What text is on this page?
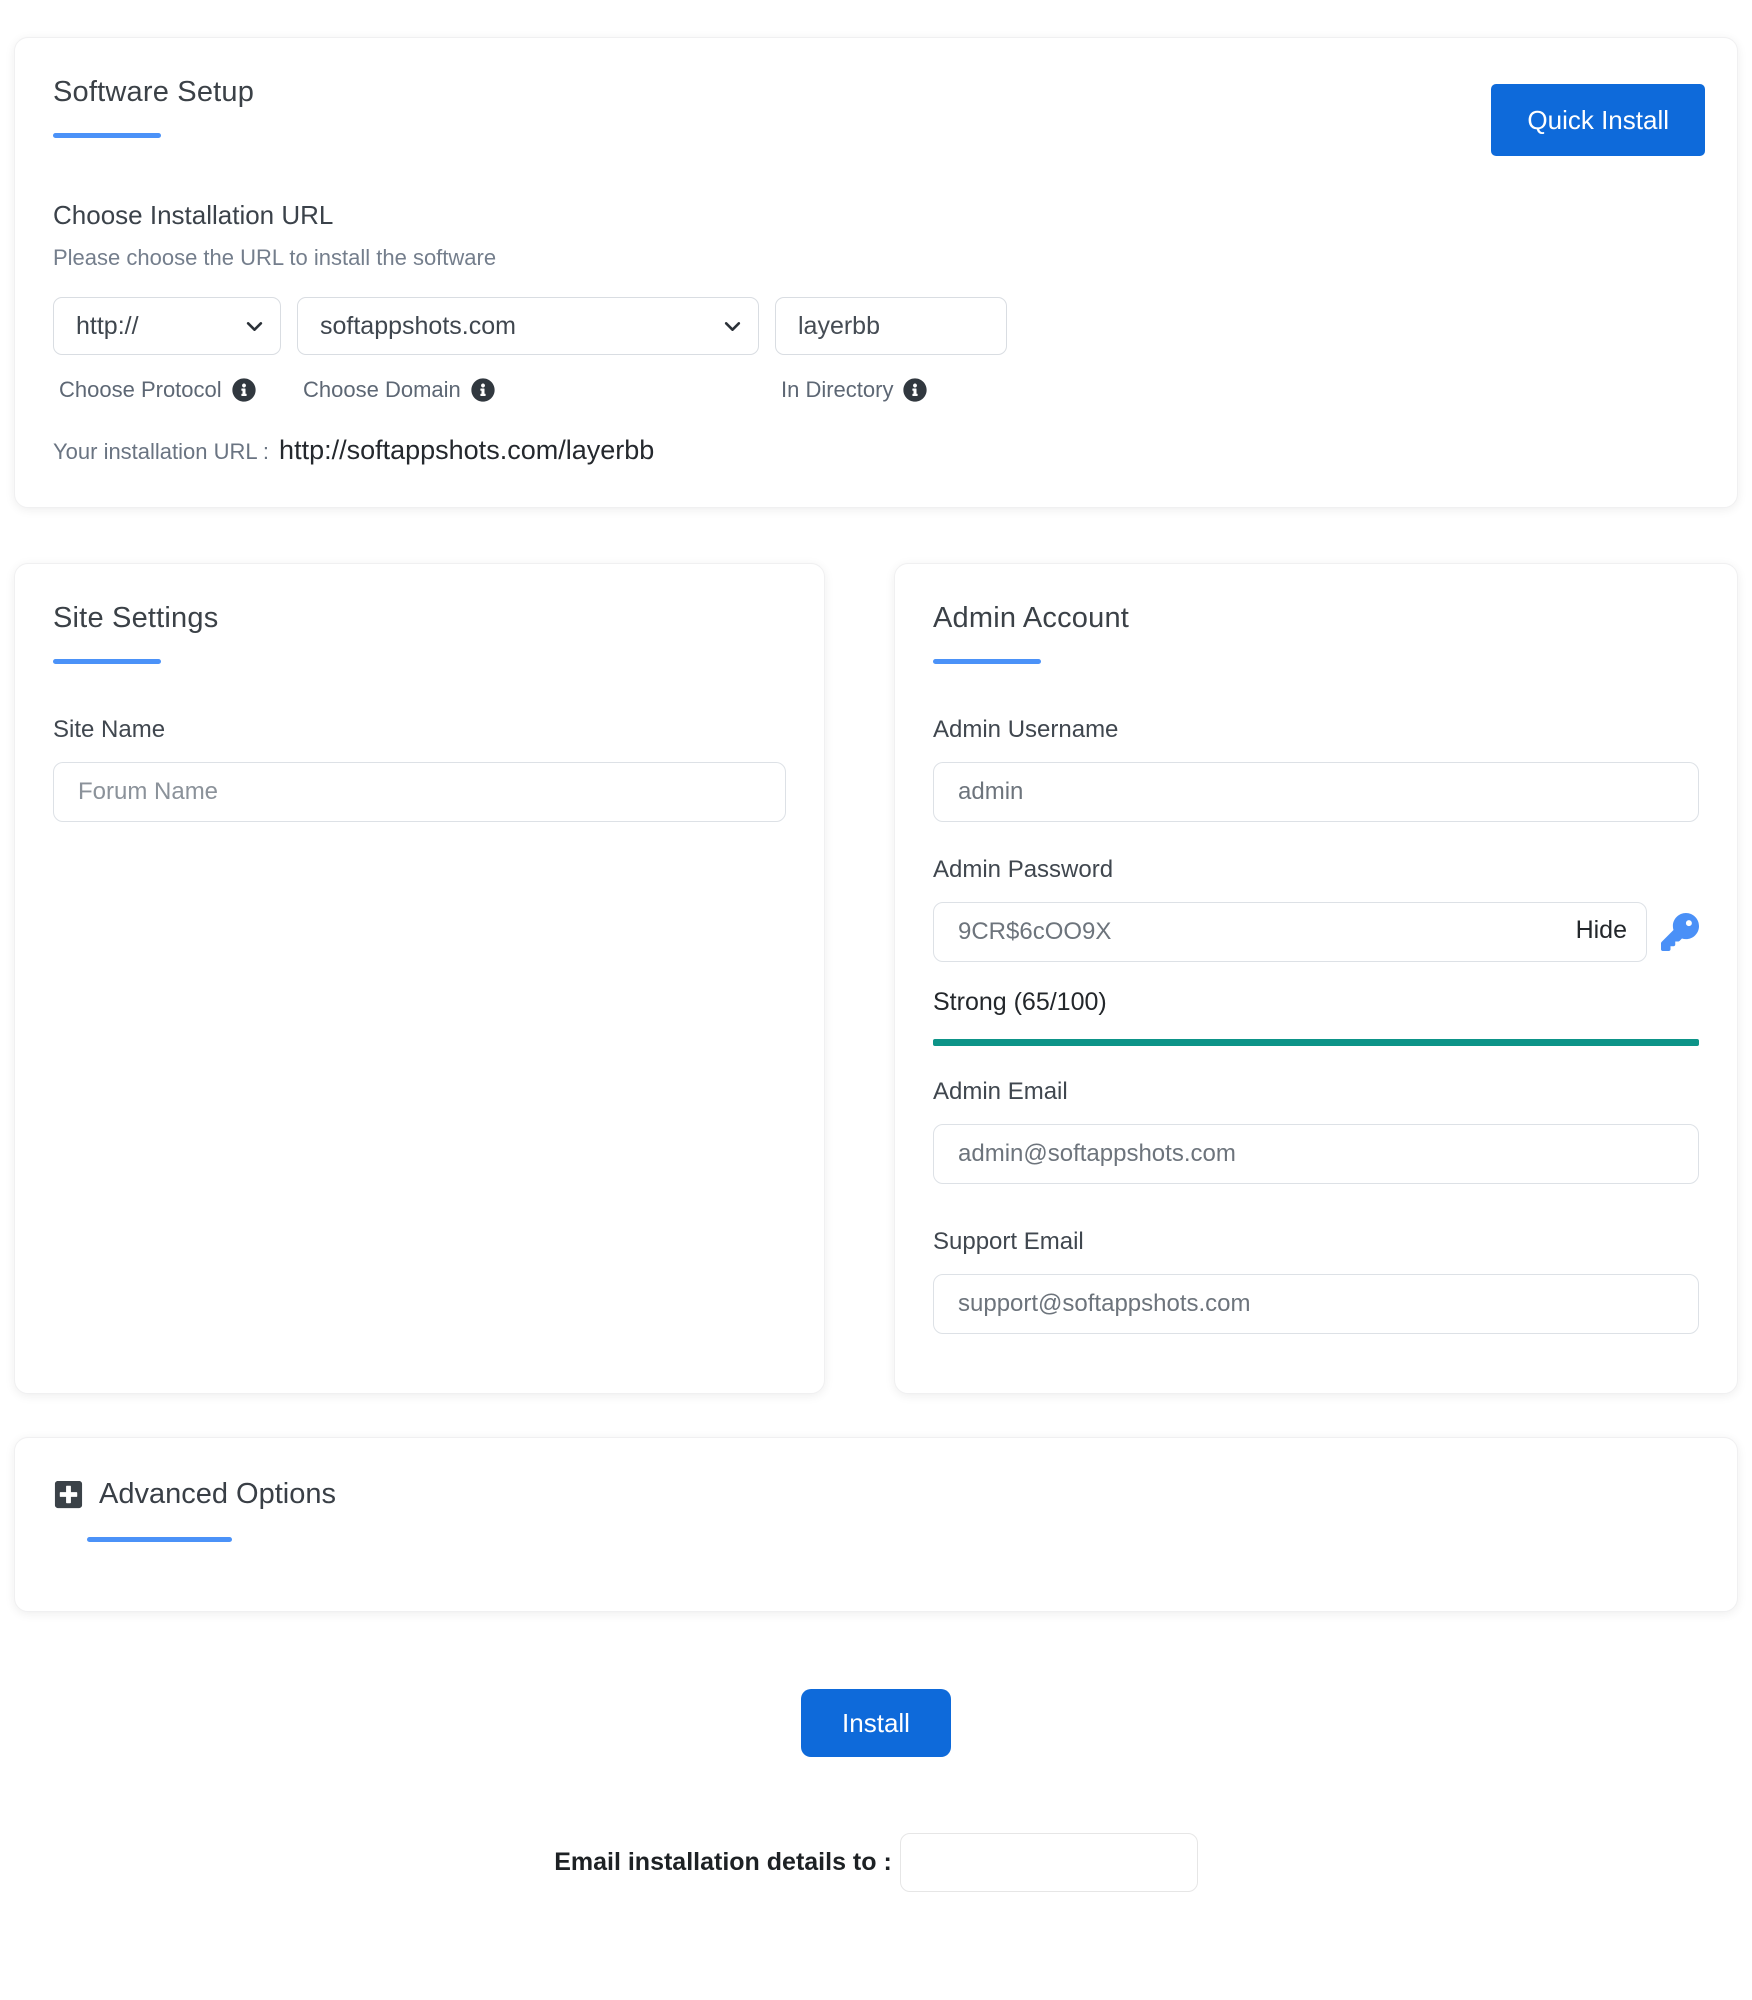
Software Setup
Quick Install
Choose Installation URL
Please choose the URL to install the software
http://
Choose Protocol
softappshots.com	Choose Domain
layerbb	In Directory
Your installation URL : http://softappshots.com/layerbb
Site Settings
Site Name
Forum Name
Admin Account
Admin Username
admin
Admin Password
9CR$6cOO9X
Hide
Strong (65/100)
Admin Email
admin@softappshots.com
Support Email
support@softappshots.com
Advanced Options
Install
Email installation details to :
